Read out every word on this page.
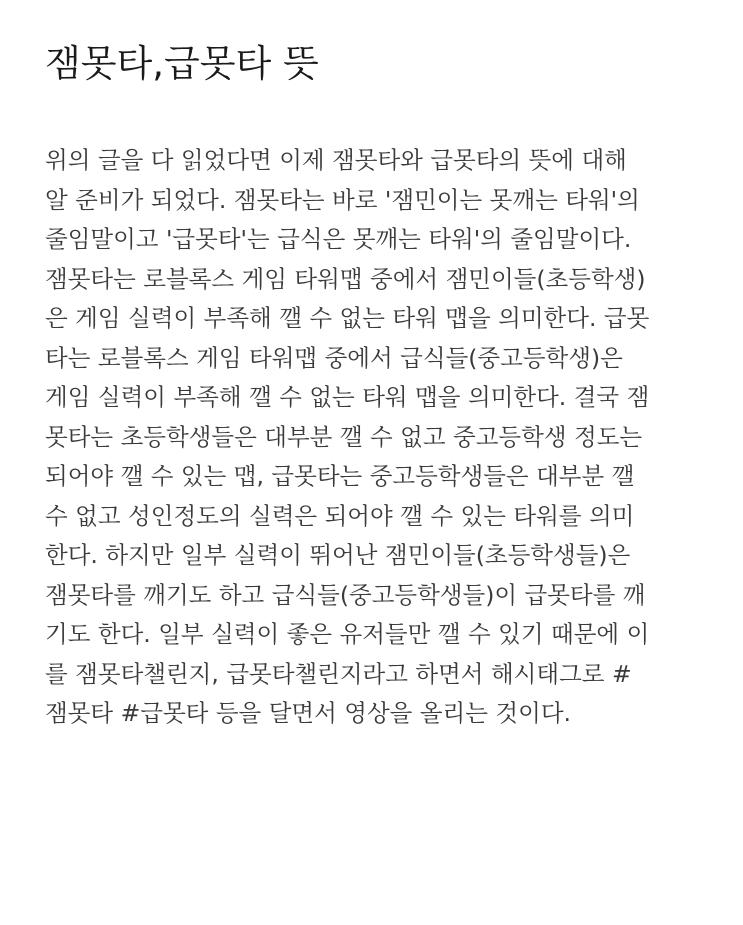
잼못타,급못타 뜻
위의 글을 다 읽었다면 이제 잼못타와 급못타의 뜻에 대해
알 준비가 되었다. 잼못타는 바로 '잼민이는 못깨는 타워'의
줄임말이고 '급못타'는 급식은 못깨는 타워'의 줄임말이다.
잼못타는 로블록스 게임 타워맵 중에서 잼민이들(초등학생)
은 게임 실력이 부족해 깰 수 없는 타워 맵을 의미한다. 급못
타는 로블록스 게임 타워맵 중에서 급식들(중고등학생)은
게임 실력이 부족해 깰 수 없는 타워 맵을 의미한다. 결국 잼
못타는 초등학생들은 대부분 깰 수 없고 중고등학생 정도는
되어야 깰 수 있는 맵, 급못타는 중고등학생들은 대부분 깰
수 없고 성인정도의 실력은 되어야 깰 수 있는 타워를 의미
한다. 하지만 일부 실력이 뛰어난 잼민이들(초등학생들)은
잼못타를 깨기도 하고 급식들(중고등학생들)이 급못타를 깨
기도 한다. 일부 실력이 좋은 유저들만 깰 수 있기 때문에 이
를 잼못타챌린지, 급못타챌린지라고 하면서 해시태그로 #
잼못타 #급못타 등을 달면서 영상을 올리는 것이다.
